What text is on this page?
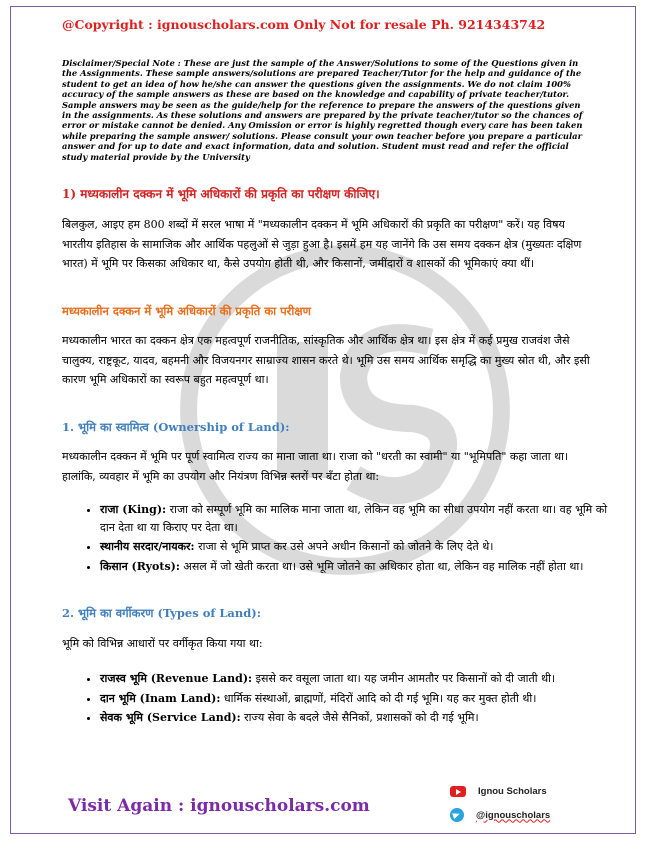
@Copyright : ignouscholars.com Only Not for resale Ph. 9214343742

Disclaimer/Special Note : These are just the sample of the Answer/Solutions to some of the Questions given in the Assignments. These sample answers/solutions are prepared Teacher/Tutor for the help and guidance of the student to get an idea of how he/she can answer the questions given the assignments. We do not claim 100% accuracy of the sample answers as these are based on the knowledge and capability of private teacher/tutor. Sample answers may be seen as the guide/help for the reference to prepare the answers of the questions given in the assignments. As these solutions and answers are prepared by the private teacher/tutor so the chances of error or mistake cannot be denied. Any Omission or error is highly regretted though every care has been taken while preparing the sample answer/ solutions. Please consult your own teacher before you prepare a particular answer and for up to date and exact information, data and solution. Student must read and refer the official study material provide by the University

1) मध्यकालीन दक्कन में भूमि अधिकारों की प्रकृति का परीक्षण कीजिए।

बिलकुल, आइए हम 800 शब्दों में सरल भाषा में "मध्यकालीन दक्कन में भूमि अधिकारों की प्रकृति का परीक्षण" करें। यह विषय भारतीय इतिहास के सामाजिक और आर्थिक पहलुओं से जुड़ा हुआ है। इसमें हम यह जानेंगे कि उस समय दक्कन क्षेत्र (मुख्यतः दक्षिण भारत) में भूमि पर किसका अधिकार था, कैसे उपयोग होती थी, और किसानों, जमींदारों व शासकों की भूमिकाएं क्या थीं।

मध्यकालीन दक्कन में भूमि अधिकारों की प्रकृति का परीक्षण

मध्यकालीन भारत का दक्कन क्षेत्र एक महत्वपूर्ण राजनीतिक, सांस्कृतिक और आर्थिक क्षेत्र था। इस क्षेत्र में कई प्रमुख राजवंश जैसे चालुक्य, राष्ट्रकूट, यादव, बहमनी और विजयनगर साम्राज्य शासन करते थे। भूमि उस समय आर्थिक समृद्धि का मुख्य स्रोत थी, और इसी कारण भूमि अधिकारों का स्वरूप बहुत महत्वपूर्ण था।

1. भूमि का स्वामित्व (Ownership of Land):

मध्यकालीन दक्कन में भूमि पर पूर्ण स्वामित्व राज्य का माना जाता था। राजा को "धरती का स्वामी" या "भूमिपति" कहा जाता था। हालांकि, व्यवहार में भूमि का उपयोग और नियंत्रण विभिन्न स्तरों पर बँटा होता था:

• राजा (King): राजा को सम्पूर्ण भूमि का मालिक माना जाता था, लेकिन वह भूमि का सीधा उपयोग नहीं करता था। वह भूमि को दान देता था या किराए पर देता था।
• स्थानीय सरदार/नायकर: राजा से भूमि प्राप्त कर उसे अपने अधीन किसानों को जोतने के लिए देते थे।
• किसान (Ryots): असल में जो खेती करता था। उसे भूमि जोतने का अधिकार होता था, लेकिन वह मालिक नहीं होता था।

2. भूमि का वर्गीकरण (Types of Land):

भूमि को विभिन्न आधारों पर वर्गीकृत किया गया था:

• राजस्व भूमि (Revenue Land): इससे कर वसूला जाता था। यह जमीन आमतौर पर किसानों को दी जाती थी।
• दान भूमि (Inam Land): धार्मिक संस्थाओं, ब्राह्मणों, मंदिरों आदि को दी गई भूमि। यह कर मुक्त होती थी।
• सेवक भूमि (Service Land): राज्य सेवा के बदले जैसे सैनिकों, प्रशासकों को दी गई भूमि।

Visit Again : ignouscholars.com

Ignou Scholars
@ignouscholars
